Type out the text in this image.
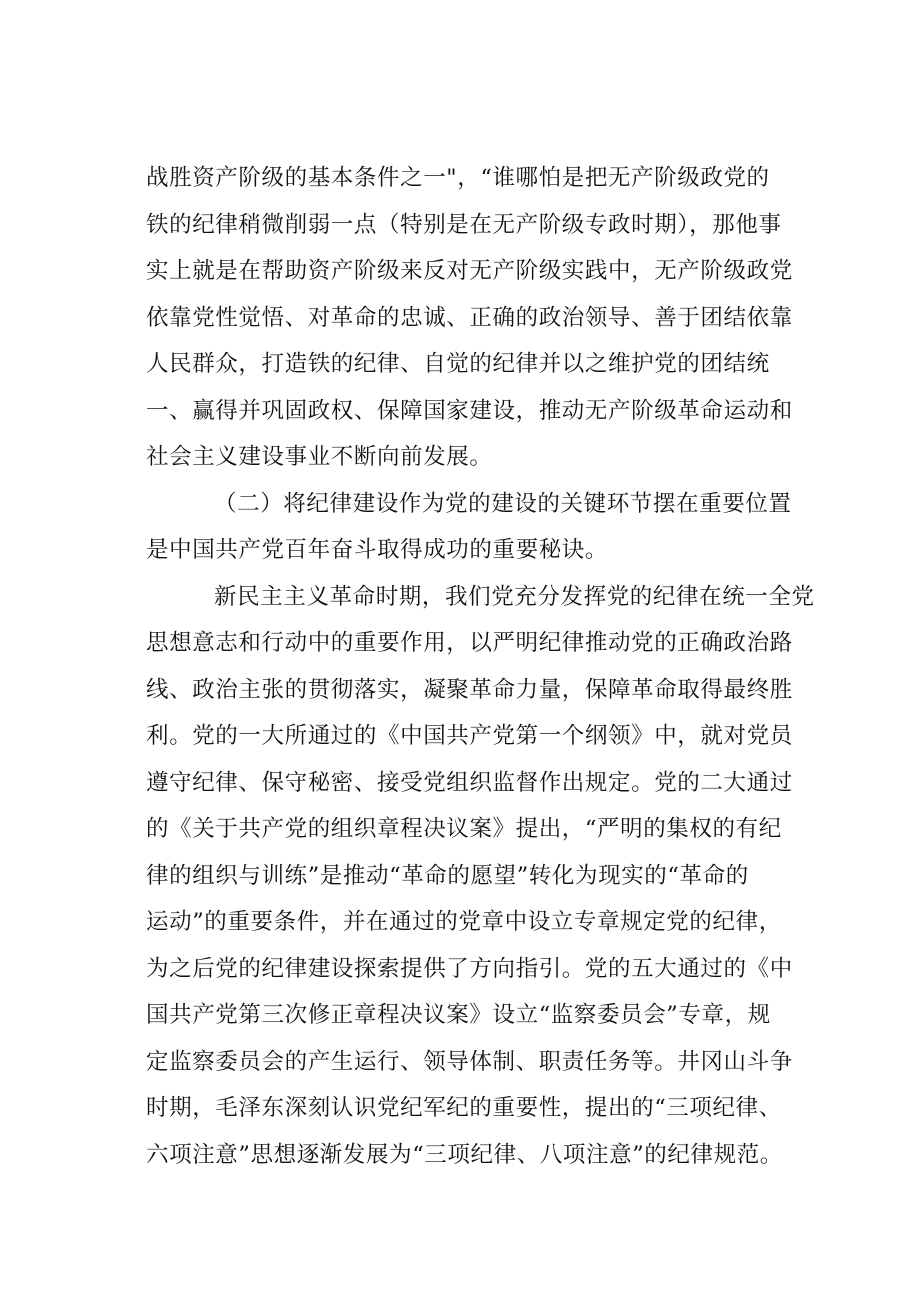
战胜资产阶级的基本条件之一"，“谁哪怕是把无产阶级政党的
铁的纪律稍微削弱一点（特别是在无产阶级专政时期），那他事
实上就是在帮助资产阶级来反对无产阶级实践中，无产阶级政党
依靠党性觉悟、对革命的忠诚、正确的政治领导、善于团结依靠
人民群众，打造铁的纪律、自觉的纪律并以之维护党的团结统
一、赢得并巩固政权、保障国家建设，推动无产阶级革命运动和
社会主义建设事业不断向前发展。
（二）将纪律建设作为党的建设的关键环节摆在重要位置
是中国共产党百年奋斗取得成功的重要秘诀。
新民主主义革命时期，我们党充分发挥党的纪律在统一全党
思想意志和行动中的重要作用，以严明纪律推动党的正确政治路
线、政治主张的贯彻落实，凝聚革命力量，保障革命取得最终胜
利。党的一大所通过的《中国共产党第一个纲领》中，就对党员
遵守纪律、保守秘密、接受党组织监督作出规定。党的二大通过
的《关于共产党的组织章程决议案》提出，“严明的集权的有纪
律的组织与训练”是推动“革命的愿望”转化为现实的“革命的
运动”的重要条件，并在通过的党章中设立专章规定党的纪律，
为之后党的纪律建设探索提供了方向指引。党的五大通过的《中
国共产党第三次修正章程决议案》设立“监察委员会”专章，规
定监察委员会的产生运行、领导体制、职责任务等。井冈山斗争
时期，毛泽东深刻认识党纪军纪的重要性，提出的“三项纪律、
六项注意”思想逐渐发展为“三项纪律、八项注意”的纪律规范。
